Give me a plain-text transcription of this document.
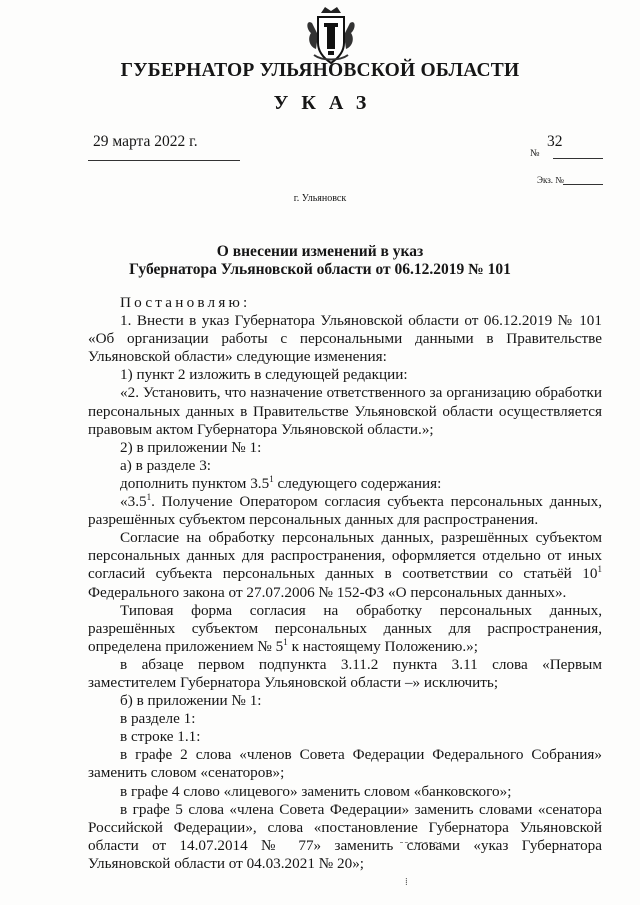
ГУБЕРНАТОР УЛЬЯНОВСКОЙ ОБЛАСТИ
УКАЗ
29 марта 2022 г.	32
№
Экз. №
г. Ульяновск
О внесении изменений в указ
Губернатора Ульяновской области от 06.12.2019 № 101

Постановляю:

1. Внести в указ Губернатора Ульяновской области от 06.12.2019 № 101 «Об организации работы с персональными данными в Правительстве Ульяновской области» следующие изменения:

1) пункт 2 изложить в следующей редакции:

«2. Установить, что назначение ответственного за организацию обработки персональных данных в Правительстве Ульяновской области осуществляется правовым актом Губернатора Ульяновской области.»;

2) в приложении № 1:

а) в разделе 3:

дополнить пунктом $3.5^1$ следующего содержания:

«$3.5^1$. Получение Оператором согласия субъекта персональных данных, разрешённых субъектом персональных данных для распространения.

Согласие на обработку персональных данных, разрешённых субъектом персональных данных для распространения, оформляется отдельно от иных согласий субъекта персональных данных в соответствии со статьёй $10^1$ Федерального закона от 27.07.2006 № 152-ФЗ «О персональных данных».

Типовая форма согласия на обработку персональных данных, разрешённых субъектом персональных данных для распространения, определена приложением № $5^1$ к настоящему Положению.»;

в абзаце первом подпункта 3.11.2 пункта 3.11 слова «Первым заместителем Губернатора Ульяновской области –» исключить;

б) в приложении № 1:

в разделе 1:

в строке 1.1:

в графе 2 слова «членов Совета Федерации Федерального Собрания» заменить словом «сенаторов»;

в графе 4 слово «лицевого» заменить словом «банковского»;

в графе 5 слова «члена Совета Федерации» заменить словами «сенатора Российской Федерации», слова «постановление Губернатора Ульяновской области от 14.07.2014 № 77» заменить словами «указ Губернатора Ульяновской области от 04.03.2021 № 20»;

⁞
